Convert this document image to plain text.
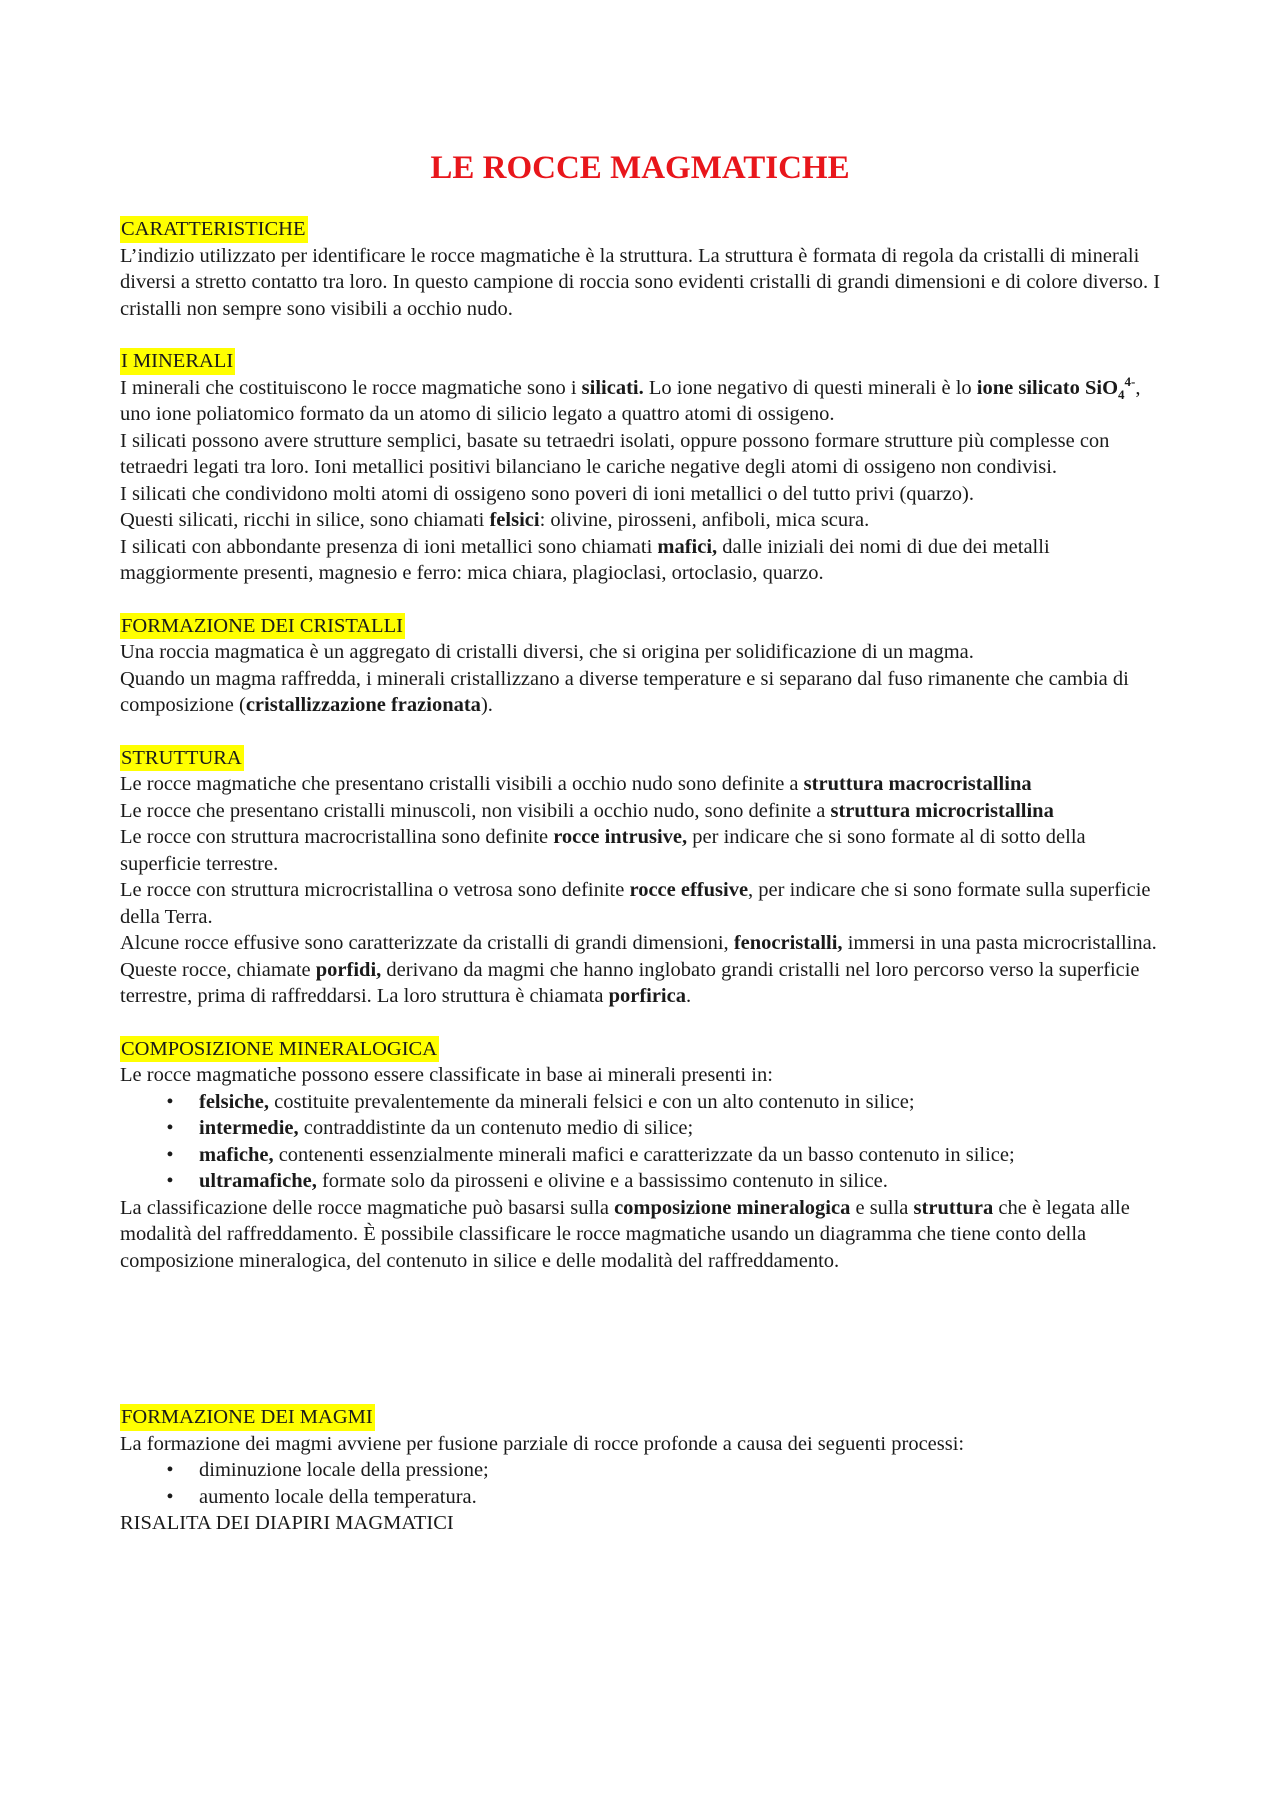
LE ROCCE MAGMATICHE

CARATTERISTICHE

L’indizio utilizzato per identificare le rocce magmatiche è la struttura. La struttura è formata di regola da cristalli di minerali diversi a stretto contatto tra loro. In questo campione di roccia sono evidenti cristalli di grandi dimensioni e di colore diverso. I cristalli non sempre sono visibili a occhio nudo.

I MINERALI

I minerali che costituiscono le rocce magmatiche sono i silicati. Lo ione negativo di questi minerali è lo ione silicato SiO$_4^{4-}$, uno ione poliatomico formato da un atomo di silicio legato a quattro atomi di ossigeno.

I silicati possono avere strutture semplici, basate su tetraedri isolati, oppure possono formare strutture più complesse con tetraedri legati tra loro. Ioni metallici positivi bilanciano le cariche negative degli atomi di ossigeno non condivisi.

I silicati che condividono molti atomi di ossigeno sono poveri di ioni metallici o del tutto privi (quarzo).

Questi silicati, ricchi in silice, sono chiamati felsici: olivine, pirosseni, anfiboli, mica scura.

I silicati con abbondante presenza di ioni metallici sono chiamati mafici, dalle iniziali dei nomi di due dei metalli maggiormente presenti, magnesio e ferro: mica chiara, plagioclasi, ortoclasio, quarzo.

FORMAZIONE DEI CRISTALLI

Una roccia magmatica è un aggregato di cristalli diversi, che si origina per solidificazione di un magma.

Quando un magma raffredda, i minerali cristallizzano a diverse temperature e si separano dal fuso rimanente che cambia di composizione (cristallizzazione frazionata).

STRUTTURA

Le rocce magmatiche che presentano cristalli visibili a occhio nudo sono definite a struttura macrocristallina

Le rocce che presentano cristalli minuscoli, non visibili a occhio nudo, sono definite a struttura microcristallina

Le rocce con struttura macrocristallina sono definite rocce intrusive, per indicare che si sono formate al di sotto della superficie terrestre.

Le rocce con struttura microcristallina o vetrosa sono definite rocce effusive, per indicare che si sono formate sulla superficie della Terra.

Alcune rocce effusive sono caratterizzate da cristalli di grandi dimensioni, fenocristalli, immersi in una pasta microcristallina.

Queste rocce, chiamate porfidi, derivano da magmi che hanno inglobato grandi cristalli nel loro percorso verso la superficie terrestre, prima di raffreddarsi. La loro struttura è chiamata porfirica.

COMPOSIZIONE MINERALOGICA

Le rocce magmatiche possono essere classificate in base ai minerali presenti in:

•	felsiche, costituite prevalentemente da minerali felsici e con un alto contenuto in silice;
•	intermedie, contraddistinte da un contenuto medio di silice;
•	mafiche, contenenti essenzialmente minerali mafici e caratterizzate da un basso contenuto in silice;
•	ultramafiche, formate solo da pirosseni e olivine e a bassissimo contenuto in silice.

La classificazione delle rocce magmatiche può basarsi sulla composizione mineralogica e sulla struttura che è legata alle modalità del raffreddamento. È possibile classificare le rocce magmatiche usando un diagramma che tiene conto della composizione mineralogica, del contenuto in silice e delle modalità del raffreddamento.

FORMAZIONE DEI MAGMI

La formazione dei magmi avviene per fusione parziale di rocce profonde a causa dei seguenti processi:

•	diminuzione locale della pressione;
•	aumento locale della temperatura.

RISALITA DEI DIAPIRI MAGMATICI
